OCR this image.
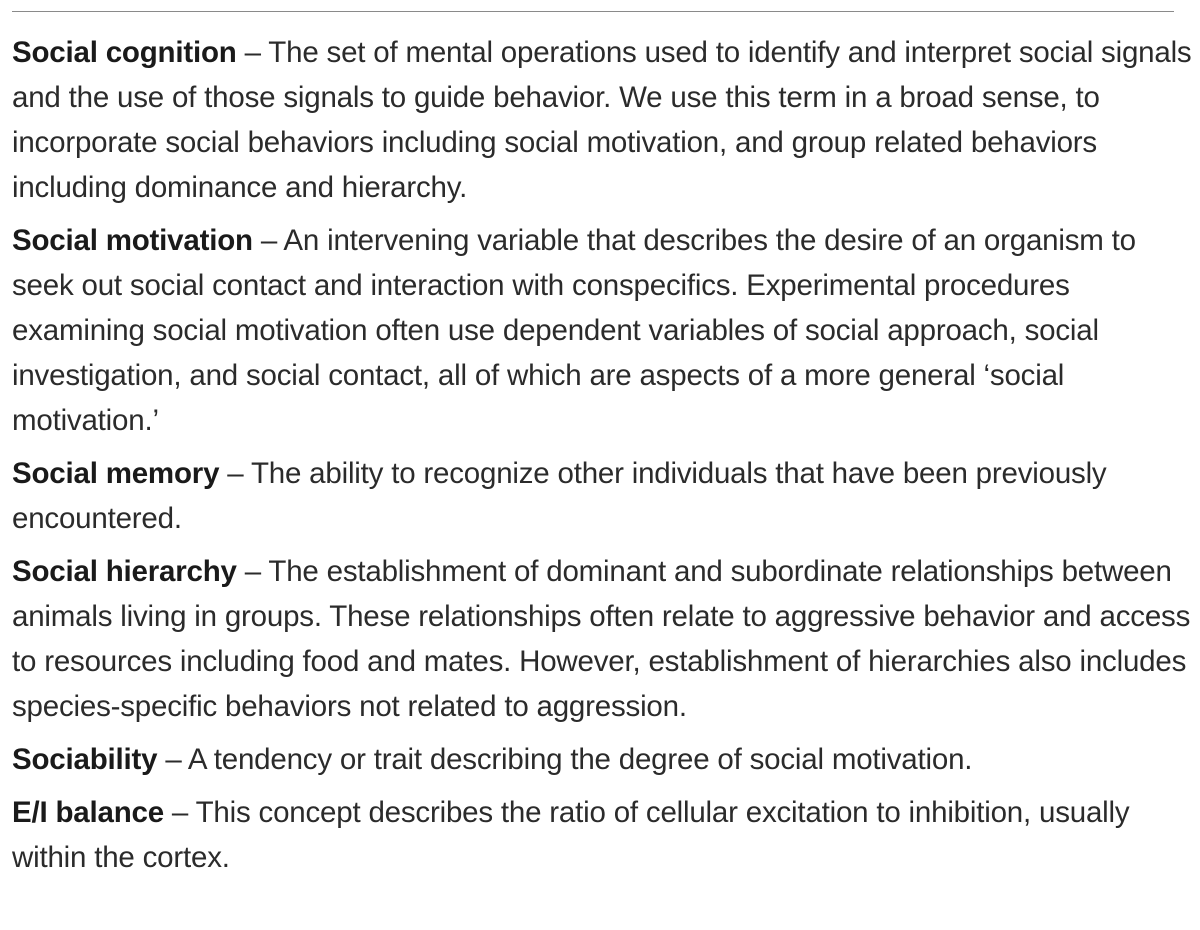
Social cognition – The set of mental operations used to identify and interpret social signals and the use of those signals to guide behavior. We use this term in a broad sense, to incorporate social behaviors including social motivation, and group related behaviors including dominance and hierarchy.
Social motivation – An intervening variable that describes the desire of an organism to seek out social contact and interaction with conspecifics. Experimental procedures examining social motivation often use dependent variables of social approach, social investigation, and social contact, all of which are aspects of a more general ‘social motivation.’
Social memory – The ability to recognize other individuals that have been previously encountered.
Social hierarchy – The establishment of dominant and subordinate relationships between animals living in groups. These relationships often relate to aggressive behavior and access to resources including food and mates. However, establishment of hierarchies also includes species-specific behaviors not related to aggression.
Sociability – A tendency or trait describing the degree of social motivation.
E/I balance – This concept describes the ratio of cellular excitation to inhibition, usually within the cortex.
